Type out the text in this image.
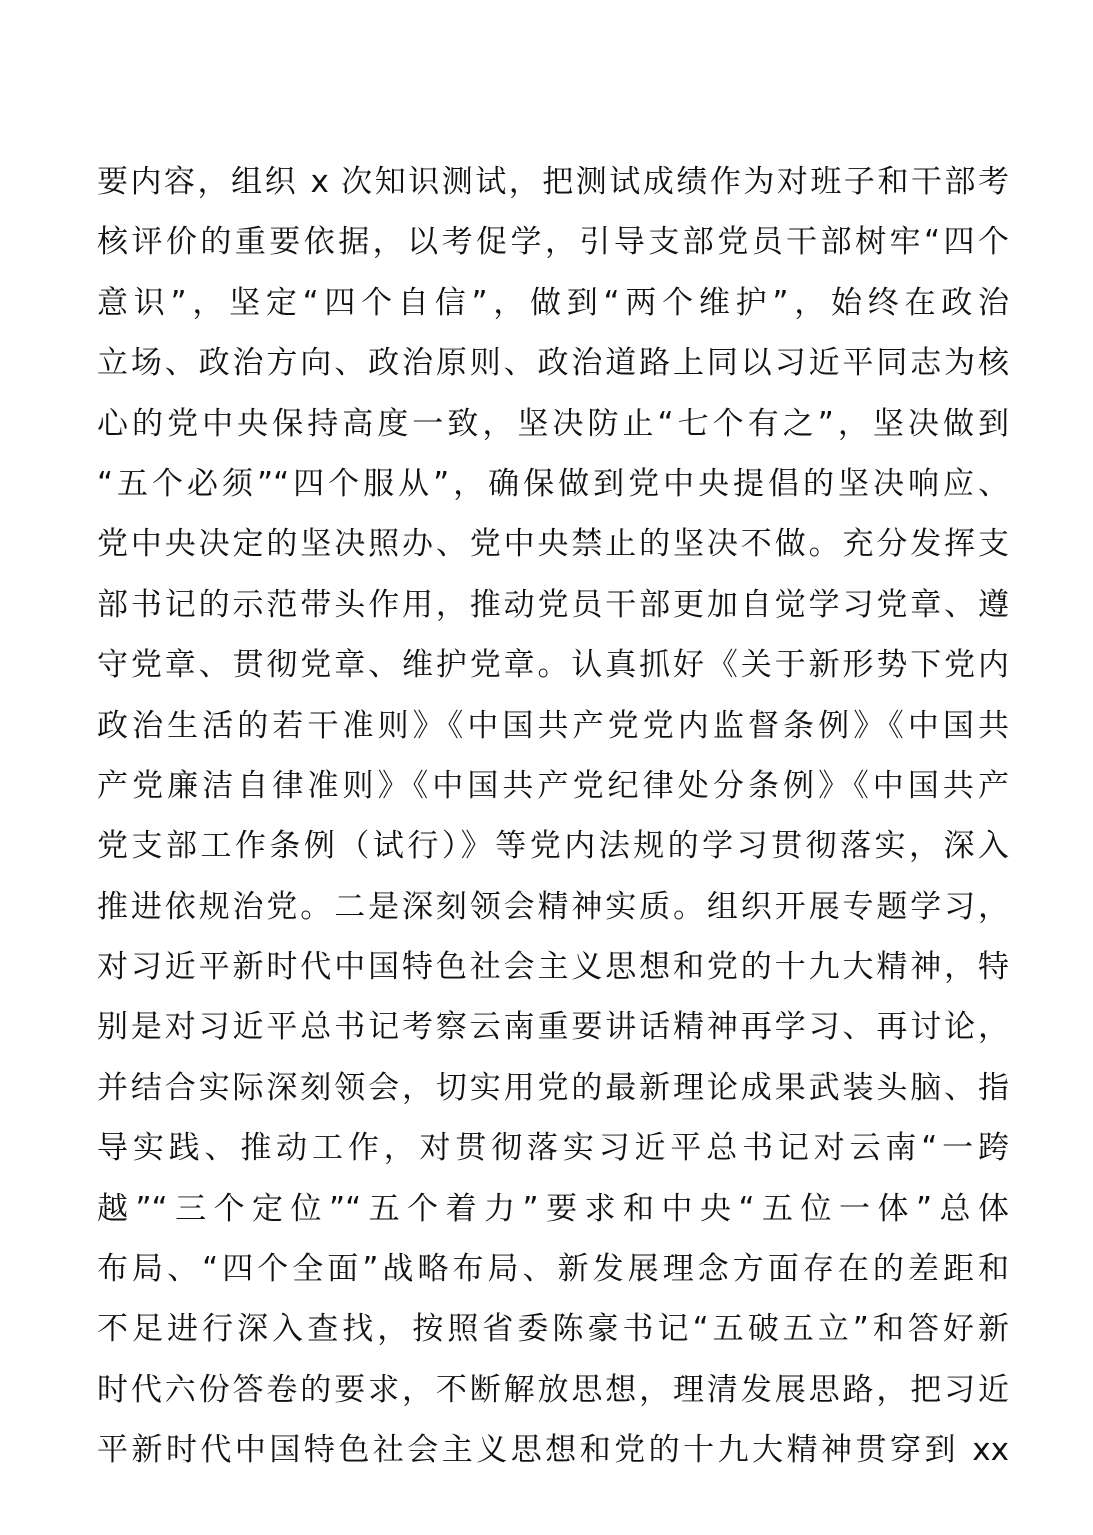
要内容，组织 x 次知识测试，把测试成绩作为对班子和干部考
核评价的重要依据，以考促学，引导支部党员干部树牢“四个
意识”，坚定“四个自信”，做到“两个维护”，始终在政治
立场、政治方向、政治原则、政治道路上同以习近平同志为核
心的党中央保持高度一致，坚决防止“七个有之”，坚决做到
“五个必须”“四个服从”，确保做到党中央提倡的坚决响应、
党中央决定的坚决照办、党中央禁止的坚决不做。充分发挥支
部书记的示范带头作用，推动党员干部更加自觉学习党章、遵
守党章、贯彻党章、维护党章。认真抓好《关于新形势下党内
政治生活的若干准则》《中国共产党党内监督条例》《中国共
产党廉洁自律准则》《中国共产党纪律处分条例》《中国共产
党支部工作条例（试行）》等党内法规的学习贯彻落实，深入
推进依规治党。二是深刻领会精神实质。组织开展专题学习，
对习近平新时代中国特色社会主义思想和党的十九大精神，特
别是对习近平总书记考察云南重要讲话精神再学习、再讨论，
并结合实际深刻领会，切实用党的最新理论成果武装头脑、指
导实践、推动工作，对贯彻落实习近平总书记对云南“一跨
越”“三个定位”“五个着力”要求和中央“五位一体”总体
布局、“四个全面”战略布局、新发展理念方面存在的差距和
不足进行深入查找，按照省委陈豪书记“五破五立”和答好新
时代六份答卷的要求，不断解放思想，理清发展思路，把习近
平新时代中国特色社会主义思想和党的十九大精神贯穿到 xx
